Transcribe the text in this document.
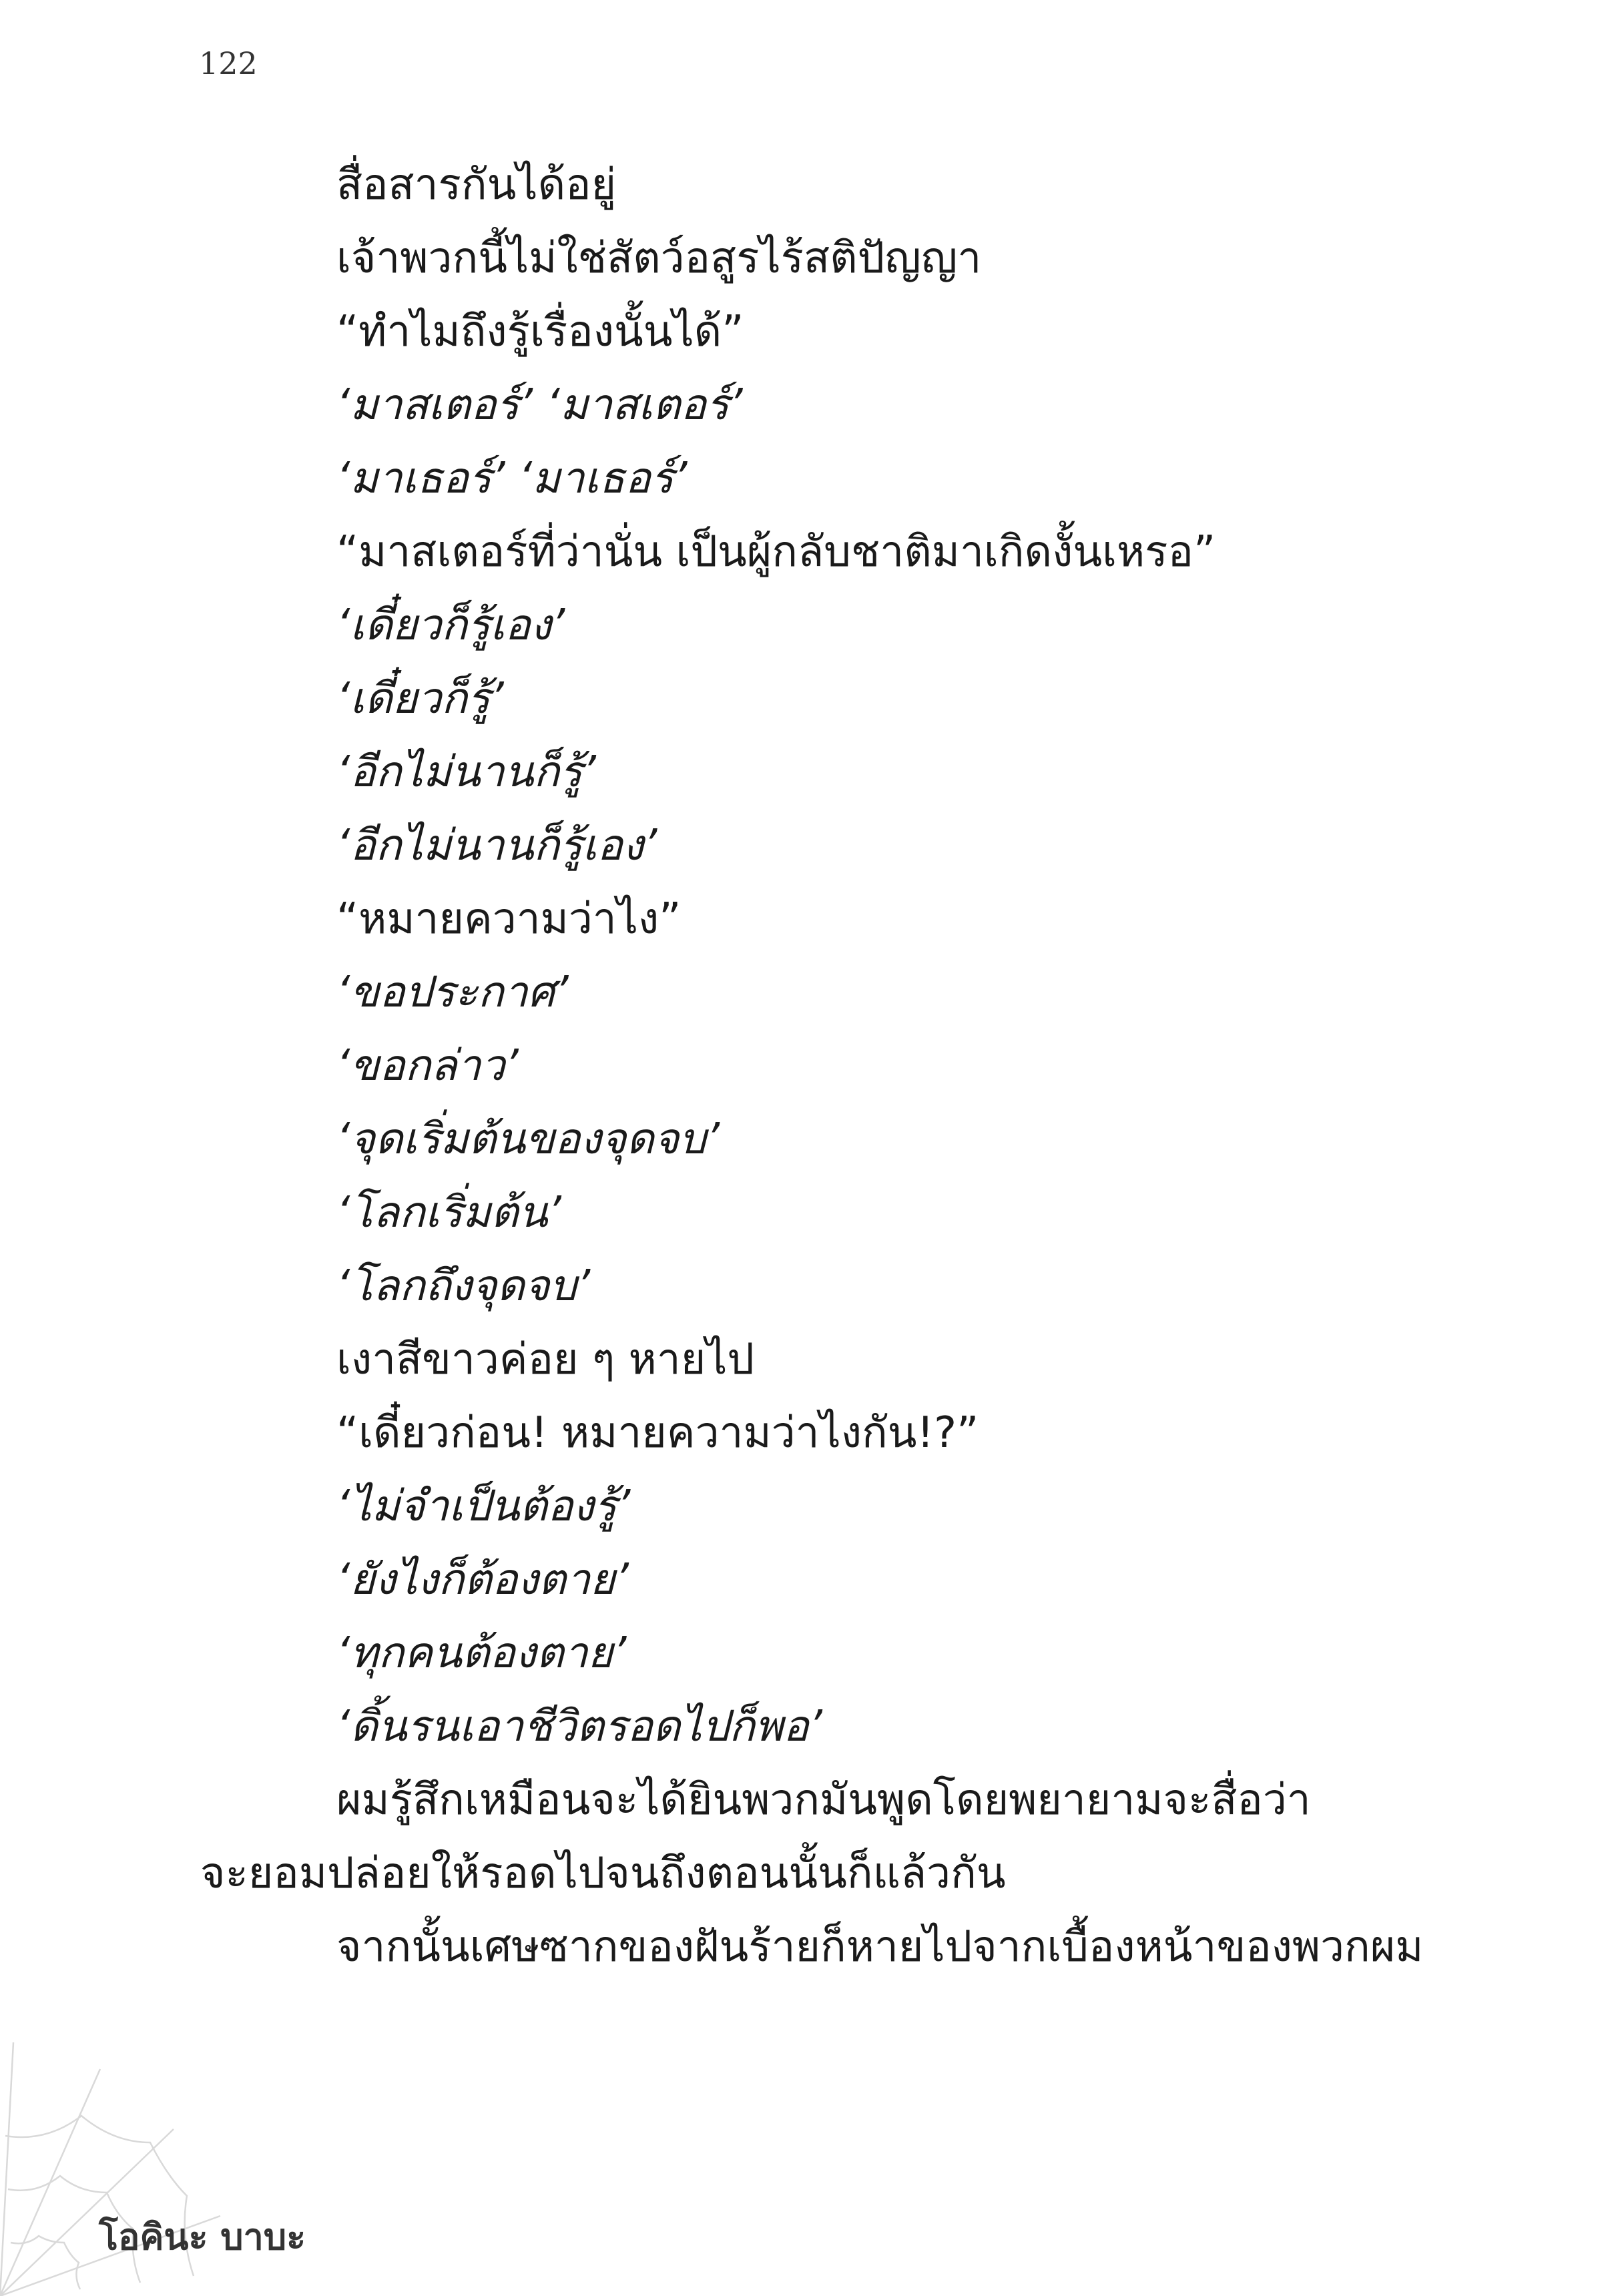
122
สื่อสารกันได้อยู่
เจ้าพวกนี้ไม่ใช่สัตว์อสูรไร้สติปัญญา
“ทำไมถึงรู้เรื่องนั้นได้”
‘มาสเตอร์’ ‘มาสเตอร์’
‘มาเธอร์’ ‘มาเธอร์’
“มาสเตอร์ที่ว่านั่น เป็นผู้กลับชาติมาเกิดงั้นเหรอ”
‘เดี๋ยวก็รู้เอง’
‘เดี๋ยวก็รู้’
‘อีกไม่นานก็รู้’
‘อีกไม่นานก็รู้เอง’
“หมายความว่าไง”
‘ขอประกาศ’
‘ขอกล่าว’
‘จุดเริ่มต้นของจุดจบ’
‘โลกเริ่มต้น’
‘โลกถึงจุดจบ’
เงาสีขาวค่อย ๆ หายไป
“เดี๋ยวก่อน! หมายความว่าไงกัน!?”
‘ไม่จำเป็นต้องรู้’
‘ยังไงก็ต้องตาย’
‘ทุกคนต้องตาย’
‘ดิ้นรนเอาชีวิตรอดไปก็พอ’
ผมรู้สึกเหมือนจะได้ยินพวกมันพูดโดยพยายามจะสื่อว่า
จะยอมปล่อยให้รอดไปจนถึงตอนนั้นก็แล้วกัน
จากนั้นเศษซากของฝันร้ายก็หายไปจากเบื้องหน้าของพวกผม
โอคินะ บาบะ
